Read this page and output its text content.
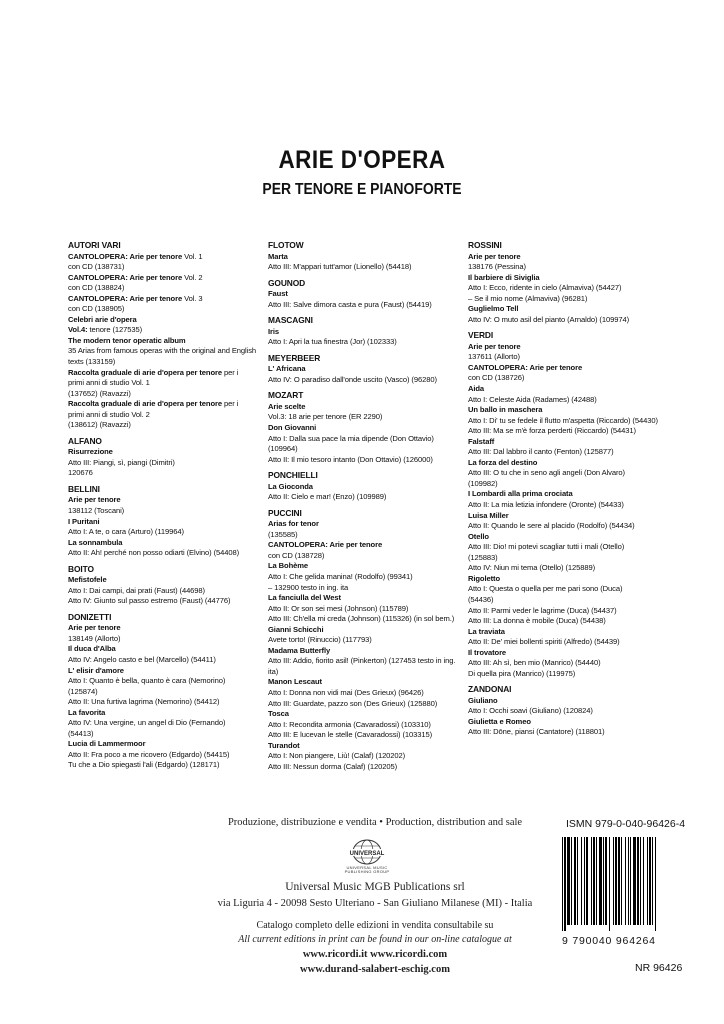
ARIE D'OPERA
PER TENORE E PIANOFORTE
AUTORI VARI
CANTOLOPERA: Arie per tenore Vol. 1
con CD (138731)
CANTOLOPERA: Arie per tenore Vol. 2
con CD (138824)
CANTOLOPERA: Arie per tenore Vol. 3
con CD (138905)
Celebri arie d'opera
Vol.4: tenore (127535)
The modern tenor operatic album
35 Arias from famous operas with the original and English
texts (133159)
Raccolta graduale di arie d'opera per tenore per i
primi anni di studio Vol. 1
(137652) (Ravazzi)
Raccolta graduale di arie d'opera per tenore per i
primi anni di studio Vol. 2
(138612) (Ravazzi)
ALFANO
Risurrezione
Atto III: Piangi, sì, piangi (Dimitri)
120676
BELLINI
Arie per tenore
138112 (Toscani)
I Puritani
Atto I: A te, o cara (Arturo) (119964)
La sonnambula
Atto II: Ah! perché non posso odiarti (Elvino) (54408)
BOITO
Mefistofele
Atto I: Dai campi, dai prati (Faust) (44698)
Atto IV: Giunto sul passo estremo (Faust) (44776)
DONIZETTI
Arie per tenore
138149 (Allorto)
Il duca d'Alba
Atto IV: Angelo casto e bel (Marcello) (54411)
L' elisir d'amore
Atto I: Quanto è bella, quanto è cara (Nemorino)
(125874)
Atto II: Una furtiva lagrima (Nemorino) (54412)
La favorita
Atto IV: Una vergine, un angel di Dio (Fernando)
(54413)
Lucia di Lammermoor
Atto II: Fra poco a me ricovero (Edgardo) (54415)
Tu che a Dio spiegasti l'ali (Edgardo) (128171)
FLOTOW
Marta
Atto III: M'appari tutt'amor (Lionello) (54418)
GOUNOD
Faust
Atto III: Salve dimora casta e pura (Faust) (54419)
MASCAGNI
Iris
Atto I: Apri la tua finestra (Jor) (102333)
MEYERBEER
L' Africana
Atto IV: O paradiso dall'onde uscito (Vasco) (96280)
MOZART
Arie scelte
Vol.3: 18 arie per tenore (ER 2290)
Don Giovanni
Atto I: Dalla sua pace la mia dipende (Don Ottavio)
(109964)
Atto II: Il mio tesoro intanto (Don Ottavio) (126000)
PONCHIELLI
La Gioconda
Atto II: Cielo e mar! (Enzo) (109989)
PUCCINI
Arias for tenor
(135585)
CANTOLOPERA: Arie per tenore
con CD (138728)
La Bohème
Atto I: Che gelida manina! (Rodolfo) (99341)
– 132900 testo in ing. ita
La fanciulla del West
Atto II: Or son sei mesi (Johnson) (115789)
Atto III: Ch'ella mi creda (Johnson) (115326) (in sol bem.)
Gianni Schicchi
Avete torto! (Rinuccio) (117793)
Madama Butterfly
Atto III: Addio, fiorito asil! (Pinkerton) (127453 testo in ing.
ita)
Manon Lescaut
Atto I: Donna non vidi mai (Des Grieux) (96426)
Atto III: Guardate, pazzo son (Des Grieux) (125880)
Tosca
Atto I: Recondita armonia (Cavaradossi) (103310)
Atto III: E lucevan le stelle (Cavaradossi) (103315)
Turandot
Atto I: Non piangere, Liù! (Calaf) (120202)
Atto III: Nessun dorma (Calaf) (120205)
ROSSINI
Arie per tenore
138176 (Pessina)
Il barbiere di Siviglia
Atto I: Ecco, ridente in cielo (Almaviva) (54427)
– Se il mio nome (Almaviva) (96281)
Guglielmo Tell
Atto IV: O muto asil del pianto (Arnaldo) (109974)
VERDI
Arie per tenore
137611 (Allorto)
CANTOLOPERA: Arie per tenore
con CD (138726)
Aida
Atto I: Celeste Aida (Radames) (42488)
Un ballo in maschera
Atto I: Di' tu se fedele il flutto m'aspetta (Riccardo) (54430)
Atto III: Ma se m'è forza perderti (Riccardo) (54431)
Falstaff
Atto III: Dal labbro il canto (Fenton) (125877)
La forza del destino
Atto III: O tu che in seno agli angeli (Don Alvaro)
(109982)
I Lombardi alla prima crociata
Atto II: La mia letizia infondere (Oronte) (54433)
Luisa Miller
Atto II: Quando le sere al placido (Rodolfo) (54434)
Otello
Atto III: Dio! mi potevi scagliar tutti i mali (Otello)
(125883)
Atto IV: Niun mi tema (Otello) (125889)
Rigoletto
Atto I: Questa o quella per me pari sono (Duca)
(54436)
Atto II: Parmi veder le lagrime (Duca) (54437)
Atto III: La donna è mobile (Duca) (54438)
La traviata
Atto II: De' miei bollenti spiriti (Alfredo) (54439)
Il trovatore
Atto III: Ah sì, ben mio (Manrico) (54440)
Di quella pira (Manrico) (119975)
ZANDONAI
Giuliano
Atto I: Occhi soavi (Giuliano) (120824)
Giulietta e Romeo
Atto III: Dōne, piansi (Cantatore) (118801)
Produzione, distribuzione e vendita • Production, distribution and sale
UNIVERSAL
UNIVERSAL MUSIC PUBLISHING GROUP
Universal Music MGB Publications srl
via Liguria 4 - 20098 Sesto Ulteriano - San Giuliano Milanese (MI) - Italia
Catalogo completo delle edizioni in vendita consultabile su
All current editions in print can be found in our on-line catalogue at
www.ricordi.it www.ricordi.com
www.durand-salabert-eschig.com
ISMN 979-0-040-96426-4
9 790040 964264
NR 96426
